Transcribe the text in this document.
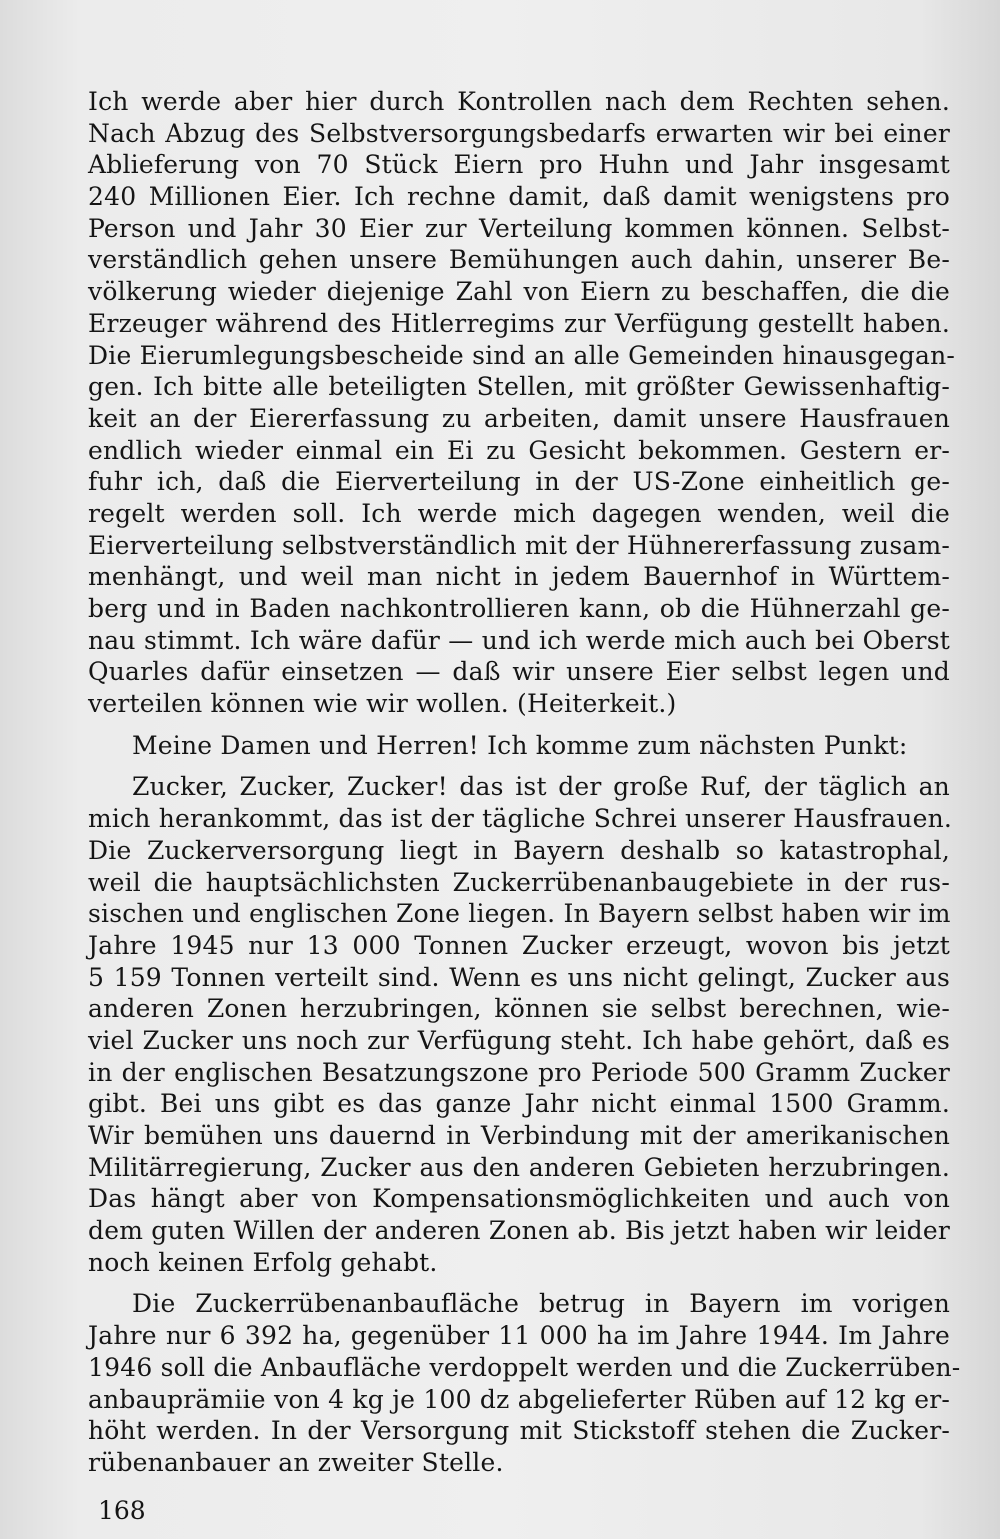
Ich werde aber hier durch Kontrollen nach dem Rechten sehen.
Nach Abzug des Selbstversorgungsbedarfs erwarten wir bei einer
Ablieferung von 70 Stück Eiern pro Huhn und Jahr insgesamt
240 Millionen Eier. Ich rechne damit, daß damit wenigstens pro
Person und Jahr 30 Eier zur Verteilung kommen können. Selbst-
verständlich gehen unsere Bemühungen auch dahin, unserer Be-
völkerung wieder diejenige Zahl von Eiern zu beschaffen, die die
Erzeuger während des Hitlerregims zur Verfügung gestellt haben.
Die Eierumlegungsbescheide sind an alle Gemeinden hinausgegan-
gen. Ich bitte alle beteiligten Stellen, mit größter Gewissenhaftig-
keit an der Eiererfassung zu arbeiten, damit unsere Hausfrauen
endlich wieder einmal ein Ei zu Gesicht bekommen. Gestern er-
fuhr ich, daß die Eierverteilung in der US-Zone einheitlich ge-
regelt werden soll. Ich werde mich dagegen wenden, weil die
Eierverteilung selbstverständlich mit der Hühnererfassung zusam-
menhängt, und weil man nicht in jedem Bauernhof in Württem-
berg und in Baden nachkontrollieren kann, ob die Hühnerzahl ge-
nau stimmt. Ich wäre dafür — und ich werde mich auch bei Oberst
Quarles dafür einsetzen — daß wir unsere Eier selbst legen und
verteilen können wie wir wollen. (Heiterkeit.)
Meine Damen und Herren! Ich komme zum nächsten Punkt:
Zucker, Zucker, Zucker! das ist der große Ruf, der täglich an
mich herankommt, das ist der tägliche Schrei unserer Hausfrauen.
Die Zuckerversorgung liegt in Bayern deshalb so katastrophal,
weil die hauptsächlichsten Zuckerrübenanbaugebiete in der rus-
sischen und englischen Zone liegen. In Bayern selbst haben wir im
Jahre 1945 nur 13 000 Tonnen Zucker erzeugt, wovon bis jetzt
5 159 Tonnen verteilt sind. Wenn es uns nicht gelingt, Zucker aus
anderen Zonen herzubringen, können sie selbst berechnen, wie-
viel Zucker uns noch zur Verfügung steht. Ich habe gehört, daß es
in der englischen Besatzungszone pro Periode 500 Gramm Zucker
gibt. Bei uns gibt es das ganze Jahr nicht einmal 1500 Gramm.
Wir bemühen uns dauernd in Verbindung mit der amerikanischen
Militärregierung, Zucker aus den anderen Gebieten herzubringen.
Das hängt aber von Kompensationsmöglichkeiten und auch von
dem guten Willen der anderen Zonen ab. Bis jetzt haben wir leider
noch keinen Erfolg gehabt.
Die Zuckerrübenanbaufläche betrug in Bayern im vorigen
Jahre nur 6 392 ha, gegenüber 11 000 ha im Jahre 1944. Im Jahre
1946 soll die Anbaufläche verdoppelt werden und die Zuckerrüben-
anbauprämiie von 4 kg je 100 dz abgelieferter Rüben auf 12 kg er-
höht werden. In der Versorgung mit Stickstoff stehen die Zucker-
rübenanbauer an zweiter Stelle.
168
